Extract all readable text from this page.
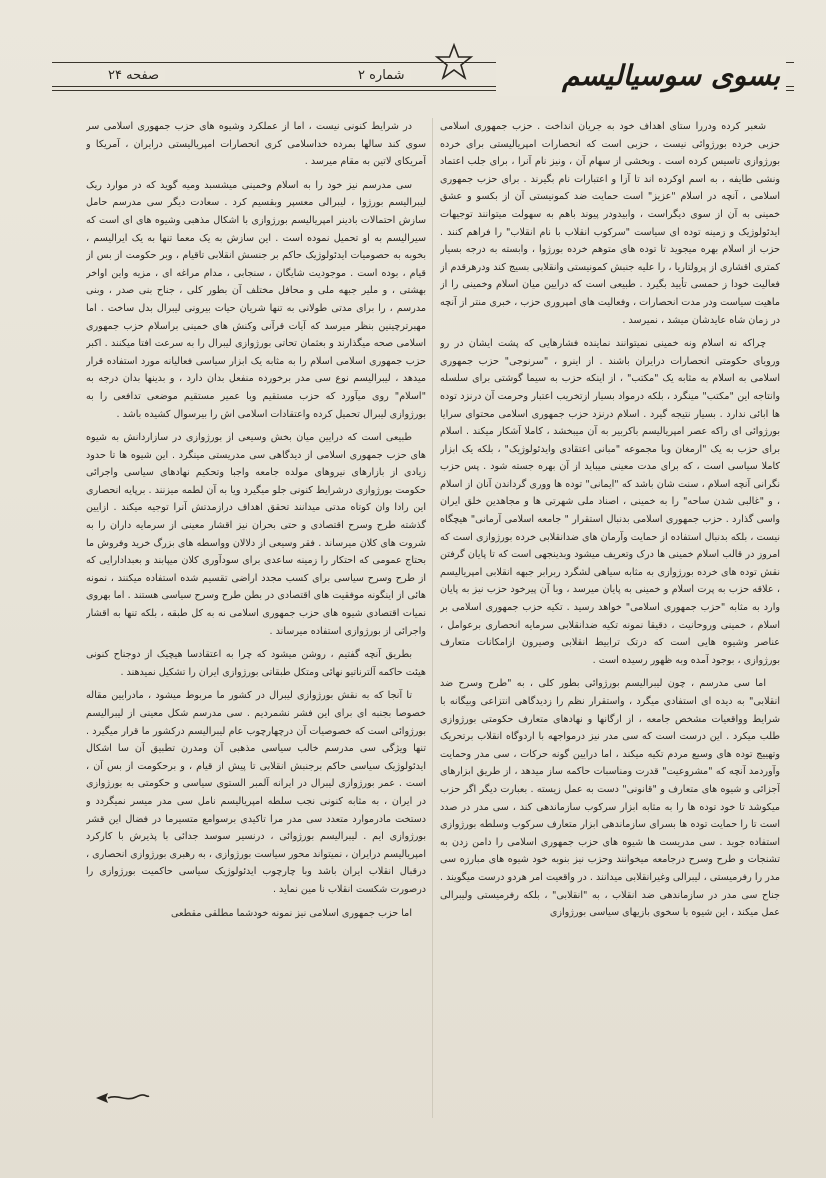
بسوی سوسیالیسم
شماره ۲
صفحه ۲۴

شعبر کرده ودررا ستای اهداف خود به جریان انداخت . حزب جمهوری اسلامی حزبی خرده بورژوائی نیست ، حزبی است که انحصارات امپریالیستی برای خرده بورژوازی تاسیس کرده است . وبخشی از سهام آن ، ونیز نام آنرا ، برای جلب اعتماد ونشی طایفه ، به اسم اوکرده اند تا آزا و اعتبارات نام بگیرند . برای حزب جمهوری اسلامی ، آنچه در اسلام "عزیز" است حمایت ضد کمونیستی آن از بکسو و عشق خمینی به آن از سوی دیگراست ، وابیدودر پیوند باهم به سهولت میتوانند توجیهات ایدئولوژیک و زمینه توده ای سیاست "سرکوب انقلاب با نام انقلاب" را فراهم کنند . حزب از اسلام بهره میجوید تا توده های متوهم خرده بورژوا ، وابسته به درجه بسیار کمتری اقشاری از پرولتاریا ، را علیه جنبش کمونیستی وانقلابی بسیج کند ودرهرقدم از فعالیت خودا ز حمسی تأیید بگیرد . طبیعی است که درایین میان اسلام وخمینی را از ماهیت سیاست ودر مدت انحصارات ، وفعالیت های امپروری حزب ، خبری منتر از آنچه در زمان شاه عایدشان میشد ، نمیرسد .

چراکه نه اسلام ونه خمینی نمیتوانند نماینده فشارهایی که پشت ایشان در رو ورویای حکومتی انحصارات درایران باشند . از اینرو ، "سرنوجی" حزب جمهوری اسلامی به اسلام به مثابه یک "مکتب" ، از اینکه حزب به سیما گوشتی برای سلسله وانتاجه این "مکتب" مینگرد ، بلکه درمواد بسیار ازتخریب اعتبار وحرمت آن درنزد توده ها ابائی ندارد . بسیار نتیجه گیرد . اسلام درنزد حزب جمهوری اسلامی محتوای سرایا بورژوائی ای راکه عصر امپریالیسم باکربیر به آن میبخشد ، کاملا آشکار میکند . اسلام برای حزب به یک "ارمغان وبا مجموعه "مبانی اعتقادی وایدئولوژیک" ، بلکه یک ابزار کاملا سیاسی است ، که برای مدت معینی میباید از آن بهره جسته شود . پس حزب نگرانی آنچه اسلام ، سنت شان باشد که "ایمانی" توده ها ووری گرداندن آنان از اسلام ، و "غالبی شدن ساحه" را به خمینی ، اصناد ملی شهرتی ها و مجاهدین خلق ایران واسی گذارد . حزب جمهوری اسلامی بدنبال استقرار " جامعه اسلامی آرمانی" هیچگاه نیست ، بلکه بدنبال استفاده از حمایت وآرمان های ضدانقلابی خرده بورژوازی است که امروز در قالب اسلام خمینی ها درک وتعریف میشود وبدینجهی است که تا پایان گرفتن نقش توده های خرده بورژوازی به مثابه سیاهی لشگرد ربرابر جبهه انقلابی امپریالیسم ، علاقه حزب به پرت اسلام و خمینی به پایان میرسد ، وبا آن پیرخود حزب نیز به پایان وارد به مثابه "حزب جمهوری اسلامی" خواهد رسید . تکیه حزب جمهوری اسلامی بر اسلام ، خمینی وروحانیت ، دقیقا نمونه تکیه ضدانقلابی سرمایه انحصاری برعوامل ، عناصر وشیوه هایی است که درتک ترابیط انقلابی وصیرون ازامکانات متعارف بورژوازی ، بوجود آمده وبه ظهور رسیده است .

اما سی مدرسم ، چون لیبرالیسم بورژوائی بطور کلی ، به "طرح وسرح ضد انقلابی" به دیده ای استفادی میگرد ، واستقرار نظم را زدیدگاهی انتزاعی وبیگانه با شرایط وواقعیات مشخص جامعه ، از ارگانها و نهادهای متعارف حکومتی بورژوازی طلب میکرد . این درست است که سی مدر نیز درمواجهه با اردوگاه انقلاب برتحریک وتهییج توده های وسیع مردم تکیه میکند ، اما درایین گونه حرکات ، سی مدر وحمایت وآوردمد آنچه که "مشروعیت" قدرت ومناسبات حاکمه ساز میدهد ، از طریق ابزارهای آجزائی و شیوه های متعارف و "قانونی" دست به عمل زیسته . بعبارت دیگر اگر حزب میکوشد تا خود توده ها را به مثابه ابزار سرکوب سازماندهی کند ، سی مدر در صدد است تا را حمایت توده ها بسرای سازماندهی ابزار متعارف سرکوب وسلطه بورژوازی استفاده جوید . سی مدریست ها شیوه های حزب جمهوری اسلامی را دامن زدن به تشنجات و طرح وسرح درجامعه میخوانند وحزب نیز بنوبه خود شیوه های مبارزه سی مدر را رفرمیستی ، لیبرالی وغیرانقلابی میدانند . در واقعیت امر هردو درست میگویند . جناح سی مدر در سازماندهی ضد انقلاب ، به "انقلابی" ، بلکه رفرمیستی ولیبرالی عمل میکند ، این شیوه با سخوی بازیهای سیاسی بورژوازی

در شرایط کنونی نیست ، اما از عملکرد وشیوه های حزب جمهوری اسلامی سر سوی کند سالها بمرده خداسلامی کری انحصارات امپریالیستی درایران ، آمریکا و آمریکای لاتین به مقام میرسد .

سی مدرسم نیز خود را به اسلام وخمینی میشسبد ومیه گوید که در موارد ریک لیبرالیسم بورژوا ، لیبرالی معسپر وبقسیم کرد . سعادت دیگر سی مدرسم حامل سازش احتمالات بادینر امپریالیسم بورژوازی با اشکال مذهبی وشیوه های ای است که سیرالیسم به او تحمیل نموده است . این سازش به یک معما تنها به یک ایرالیسم ، بخوبه به حصومیات ایدئولوژیک حاکم بر جنسش انقلابی تاقیام ، وبر حکومت از بس از قیام ، بوده است . موجودیت شایگان ، سنجابی ، مدام مراغه ای ، مزیه واین اواخر بهشتی ، و ملیر جبهه ملی و محافل مختلف آن بطور کلی ، جناح بنی صدر ، وبنی مدرسم ، را برای مدتی طولانی به تنها شریان حیات بیرونی لیبرال بدل ساخت . اما مهبرترچینین بنظر میرسد که آیات قرآنی وکنش های خمینی براسلام حزب جمهوری اسلامی صحه میگذارند و بعثمان تحاتی بورژوازی لیبرال را به سرعت افتا میکنند . اکبر حزب جمهوری اسلامی اسلام را به مثابه یک ابزار سیاسی فعالیانه مورد استفاده قرار میدهد ، لیبرالیسم نوع سی مدر برخورده منفعل بدان دارد ، و بدینها بدان درجه به "اسلام" روی میآورد که حزب مستقیم وبا عمیر مستقیم موضعی تدافعی را به بورژوازی لیبرال تحمیل کرده واعتقادات اسلامی اش را بیرسوال کشیده باشد .

طبیعی است که درایین میان بخش وسیعی از بورژوازی در سازاردانش به شیوه های حزب جمهوری اسلامی از دیدگاهی سی مدریستی مینگرد . این شیوه ها تا حدود زیادی از بازارهای نیروهای مولده جامعه واجبا وتحکیم نهادهای سیاسی واجرائی حکومت بورژوازی درشرایط کنونی جلو میگیرد ویا به آن لطمه میزنند . برپایه انحصاری این رادا وان کوتاه مدتی میدانند تحقق اهداف درازمدتش آنرا توجیه میکند . ازایین گذشته طرح وسرح اقتصادی و حتی بحران نیز اقشار معینی از سرمایه داران را به شروت های کلان میرساند . فقر وسیعی از دلالان وواسطه های بزرگ خرید وفروش ما بحتاج عمومی که احتکار را زمینه ساعدی برای سودآوری کلان میپابند و بعبدادارایی که از طرح وسرح سیاسی برای کسب مجدد اراضی تقسیم شده استفاده میکنند ، نمونه هائی از اینگونه موفقیت های اقتصادی در بطن طرح وسرح سیاسی هستند . اما بهروی نمیات اقتصادی شیوه های حزب جمهوری اسلامی نه به کل طبقه ، بلکه تنها به اقشار واجرائی از بورژوازی استفاده میرساند .

بطریق آنچه گفتیم ، روشن میشود که چرا به اعتقادسا هیچیک از دوجناح کنونی هیئت حاکمه آلترناتیو نهائی ومتکل طبقاتی بورژوازی ایران را تشکیل نمیدهند .

تا آنجا که به نقش بورژوازی لیبرال در کشور ما مربوط میشود ، مادرایین مقاله خصوصا بجنبه ای برای این فشر نشمردیم . سی مدرسم شکل معینی از لیبرالیسم بورژوائی است که خصوصیات آن درچهارچوب عام لیبرالیسم درکشور ما قرار میگیرد . تنها ویژگی سی مدرسم خالب سیاسی مذهبی آن ومدرن تطبیق آن سا اشکال ایدئولوژیک سیاسی حاکم برجنبش انقلابی تا پیش از قیام ، و برحکومت از بس آن ، است . عمر بورژوازی لیبرال در ایرانه آلمبر الستوی سیاسی و حکومتی به بورژوازی در ایران ، به مثابه کنونی نجب سلطه امپریالیسم نامل سی مدر میسر نمیگردد و دستخت مادرموارد متعدد سی مدر مرا تاکیدی برسوامع متسیرما در فضال این قشر بورژوازی ایم . لیبرالیسم بورژوائی ، درنسیر سوسد جدائی با پذیرش با کارکرد امپریالیسم درایران ، نمیتواند محور سیاست بورژوازی ، به رهبری بورژوازی انحصاری ، درقبال انقلاب ایران باشد وبا چارچوب ایدئولوژیک سیاسی حاکمیت بورژوازی را درصورت شکست انقلاب نا مین نماید .

اما حزب جمهوری اسلامی نیز نمونه خودشما مطلقی مقطعی
